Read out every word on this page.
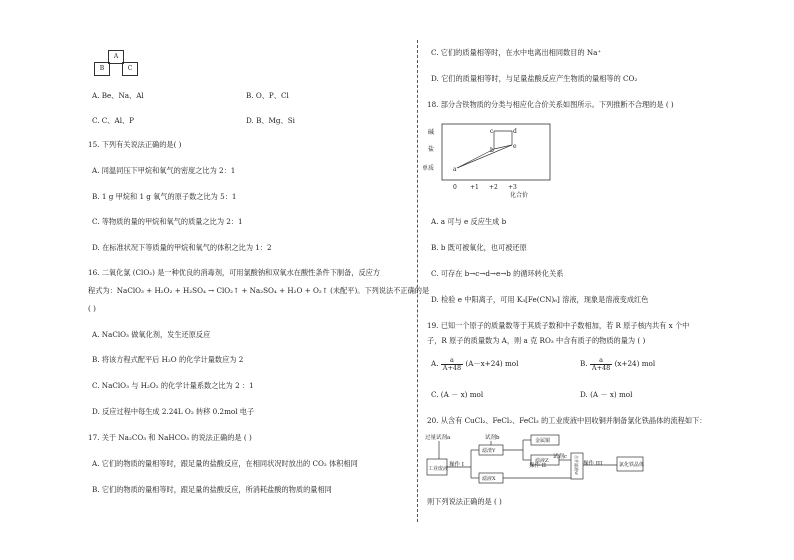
A
B	C
A. Be、Na、Al	B. O、P、Cl
C. C、Al、P	D. B、Mg、Si
15. 下列有关说法正确的是( )
A. 同温同压下甲烷和氧气的密度之比为 2：1
B. 1 g 甲烷和 1 g 氧气的原子数之比为 5：1
C. 等物质的量的甲烷和氧气的质量之比为 2：1
D. 在标准状况下等质量的甲烷和氧气的体积之比为 1：2
16. 二氧化氯 (ClO₂) 是一种优良的消毒剂，可用氯酸钠和双氧水在酸性条件下制备，反应方
程式为：NaClO₃ + H₂O₂ + H₂SO₄ → ClO₂↑ + Na₂SO₄ + H₂O + O₂↑ (未配平)。下列说法不正确的是
( )
A. NaClO₃ 做氧化剂，发生还原反应
B. 将该方程式配平后 H₂O 的化学计量数应为 2
C. NaClO₃ 与 H₂O₂ 的化学计量系数之比为 2 ：1
D. 反应过程中每生成 2.24L O₂ 转移 0.2mol 电子
17. 关于 Na₂CO₃ 和 NaHCO₃ 的说法正确的是 ( )
A. 它们的物质的量相等时，跟足量的盐酸反应，在相同状况时放出的 CO₂ 体积相同
B. 它们的物质的量相等时，跟足量的盐酸反应，所消耗盐酸的物质的量相同
C. 它们的质量相等时，在水中电离出相同数目的 Na⁺
D. 它们的质量相等时，与足量盐酸反应产生物质的量相等的 CO₂
18. 部分含铁物质的分类与相应化合价关系如图所示。下列推断不合理的是 ( )
碱
盐
单质
0 +1 +2 +3
化合价
a
b
c	d
e
A. a 可与 e 反应生成 b
B. b 既可被氧化，也可被还原
C. 可存在 b→c→d→e→b 的循环转化关系
D. 检验 e 中阳离子，可用 K₃[Fe(CN)₆] 溶液，现象是溶液变成红色
19. 已知一个原子的质量数等于其质子数和中子数相加，若 R 原子核内共有 x 个中
子，R 原子的质量数为 A，则 a 克 RO₃ 中含有质子的物质的量为 ( )
A. $\frac{a}{A+48} (A-x+24)$ mol	B. $\frac{a}{A+48} (x+24)$ mol
C. (A － x) mol	D. (A － x) mol
20. 从含有 CuCl₂、FeCl₂、FeCl₃ 的工业废液中回收铜并制备氯化铁晶体的流程如下：
过量试剂a	试剂b
试剂c
操作 I	操作 II	操作 III
工业废液
滤渣Y
滤液X
金属铜
滤液Z	合并滤液W	氯化铁晶体
则下列说法正确的是 ( )
